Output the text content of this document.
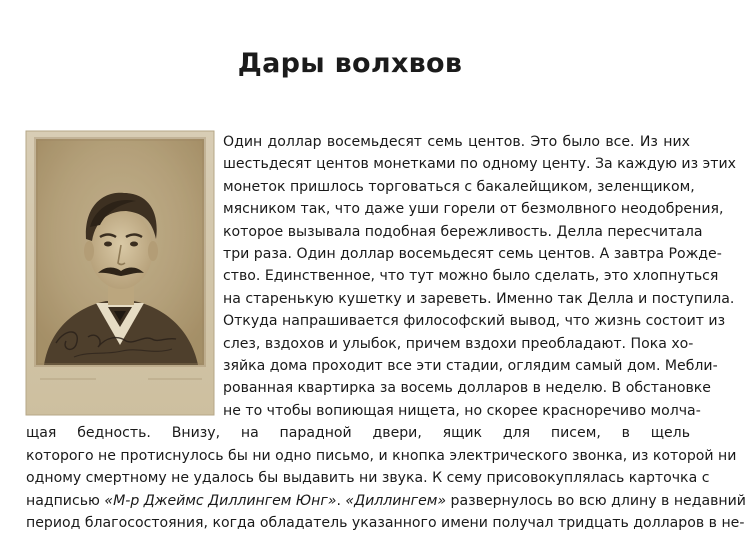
Дары волхвов
Один доллар восемьдесят семь центов. Это было все. Из них
шестьдесят центов монетками по одному центу. За каждую из этих
монеток пришлось торговаться с бакалейщиком, зеленщиком,
мясником так, что даже уши горели от безмолвного неодобрения,
которое вызывала подобная бережливость. Делла пересчитала
три раза. Один доллар восемьдесят семь центов. А завтра Рожде-
ство. Единственное, что тут можно было сделать, это хлопнуться
на старенькую кушетку и зареветь. Именно так Делла и поступила.
Откуда напрашивается философский вывод, что жизнь состоит из
слез, вздохов и улыбок, причем вздохи преобладают. Пока хо-
зяйка дома проходит все эти стадии, оглядим самый дом. Мебли-
рованная квартирка за восемь долларов в неделю. В обстановке
не то чтобы вопиющая нищета, но скорее красноречиво молча-
щая бедность. Внизу, на парадной двери, ящик для писем, в щель
которого не протиснулось бы ни одно письмо, и кнопка электрического звонка, из которой ни
одному смертному не удалось бы выдавить ни звука. К сему присовокуплялась карточка с
надписью «М-р Джеймс Диллингем Юнг». «Диллингем» развернулось во всю длину в недавний
период благосостояния, когда обладатель указанного имени получал тридцать долларов в не-
